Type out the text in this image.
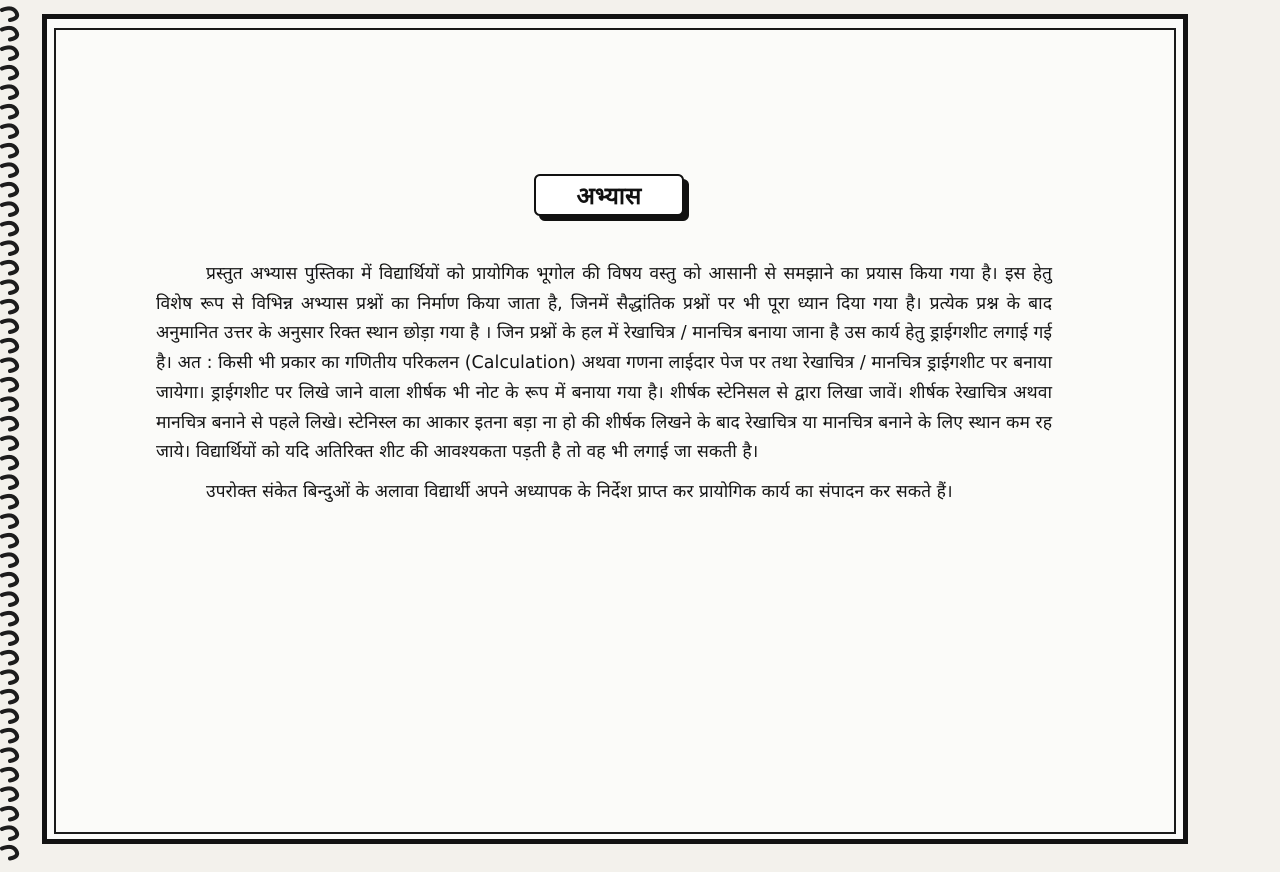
अभ्यास

प्रस्तुत अभ्यास पुस्तिका में विद्यार्थियों को प्रायोगिक भूगोल की विषय वस्तु को आसानी से समझाने का प्रयास किया गया है। इस हेतु विशेष रूप से विभिन्न अभ्यास प्रश्नों का निर्माण किया जाता है, जिनमें सैद्धांतिक प्रश्नों पर भी पूरा ध्यान दिया गया है। प्रत्येक प्रश्न के बाद अनुमानित उत्तर के अनुसार रिक्त स्थान छोड़ा गया है । जिन प्रश्नों के हल में रेखाचित्र / मानचित्र बनाया जाना है उस कार्य हेतु ड्राईगशीट लगाई गई है। अत : किसी भी प्रकार का गणितीय परिकलन (Calculation) अथवा गणना लाईदार पेज पर तथा रेखाचित्र / मानचित्र ड्राईगशीट पर बनाया जायेगा। ड्राईगशीट पर लिखे जाने वाला शीर्षक भी नोट के रूप में बनाया गया है। शीर्षक स्टेनिसल से द्वारा लिखा जावें। शीर्षक रेखाचित्र अथवा मानचित्र बनाने से पहले लिखे। स्टेनिस्ल का आकार इतना बड़ा ना हो की शीर्षक लिखने के बाद रेखाचित्र या मानचित्र बनाने के लिए स्थान कम रह जाये। विद्यार्थियों को यदि अतिरिक्त शीट की आवश्यकता पड़ती है तो वह भी लगाई जा सकती है।

उपरोक्त संकेत बिन्दुओं के अलावा विद्यार्थी अपने अध्यापक के निर्देश प्राप्त कर प्रायोगिक कार्य का संपादन कर सकते हैं।
